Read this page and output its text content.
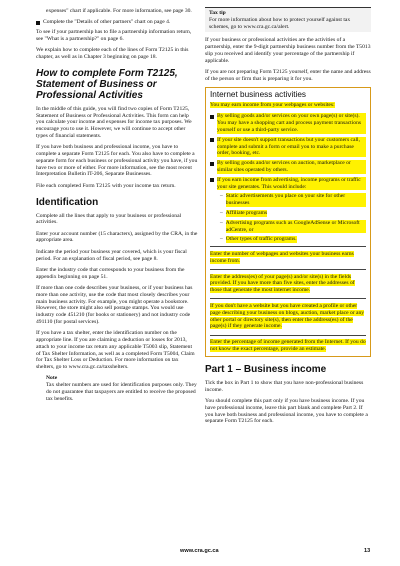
expenses" chart if applicable. For more information, see page 30.

Complete the "Details of other partners" chart on page 4.

To see if your partnership has to file a partnership information return, see "What is a partnership?" on page 6.

We explain how to complete each of the lines of Form T2125 in this chapter, as well as in Chapter 3 beginning on page 18.

How to complete Form T2125, Statement of Business or Professional Activities

In the middle of this guide, you will find two copies of Form T2125, Statement of Business or Professional Activities. This form can help you calculate your income and expenses for income tax purposes. We encourage you to use it. However, we will continue to accept other types of financial statements.

If you have both business and professional income, you have to complete a separate Form T2125 for each. You also have to complete a separate form for each business or professional activity you have, if you have two or more of either. For more information, see the most recent Interpretation Bulletin IT-206, Separate Businesses.

File each completed Form T2125 with your income tax return.

Identification

Complete all the lines that apply to your business or professional activities.

Enter your account number (15 characters), assigned by the CRA, in the appropriate area.

Indicate the period your business year covered, which is your fiscal period. For an explanation of fiscal period, see page 8.

Enter the industry code that corresponds to your business from the appendix beginning on page 51.

If more than one code describes your business, or if your business has more than one activity, use the code that most closely describes your main business activity. For example, you might operate a bookstore. However, the store might also sell postage stamps. You would use industry code 451210 (for books or stationery) and not industry code 491110 (for postal services).

If you have a tax shelter, enter the identification number on the appropriate line. If you are claiming a deduction or losses for 2013, attach to your income tax return any applicable T5003 slip, Statement of Tax Shelter Information, as well as a completed Form T5004, Claim for Tax Shelter Loss or Deduction. For more information on tax shelters, go to www.cra.gc.ca/taxshelters.

Note
Tax shelter numbers are used for identification purposes only. They do not guarantee that taxpayers are entitled to receive the proposed tax benefits.
Tax tip
For more information about how to protect yourself against tax schemes, go to www.cra.gc.ca/alert.

If your business or professional activities are the activities of a partnership, enter the 9-digit partnership business number from the T5013 slip you received and identify your percentage of the partnership if applicable.

If you are not preparing Form T2125 yourself, enter the name and address of the person or firm that is preparing it for you.

Internet business activities

You may earn income from your webpages or websites:

By selling goods and/or services on your own page(s) or site(s). You may have a shopping cart and process payment transactions yourself or use a third-party service.
If your site doesn't support transactions but your customers call, complete and submit a form or email you to make a purchase order, booking, etc.
By selling goods and/or services on auction, marketplace or similar sites operated by others.
If you earn income from advertising, income programs or traffic your site generates. This would include:
– Static advertisements you place on your site for other businesses
– Affiliate programs
– Advertising programs such as GoogleAdSense or Microsoft adCentre, or
– Other types of traffic programs.

Enter the number of webpages and websites your business earns income from.

Enter the address(es) of your page(s) and/or site(s) in the fields provided. If you have more than five sites, enter the addresses of those that generate the most internet income.

If you don't have a website but you have created a profile or other page describing your business on blogs, auction, market place or any other portal or directory site(s), then enter the address(es) of the page(s) if they generate income.

Enter the percentage of income generated from the Internet. If you do not know the exact percentage, provide an estimate.

Part 1 – Business income

Tick the box in Part 1 to show that you have non-professional business income.

You should complete this part only if you have business income. If you have professional income, leave this part blank and complete Part 2. If you have both business and professional income, you have to complete a separate Form T2125 for each.

www.cra.gc.ca	13
